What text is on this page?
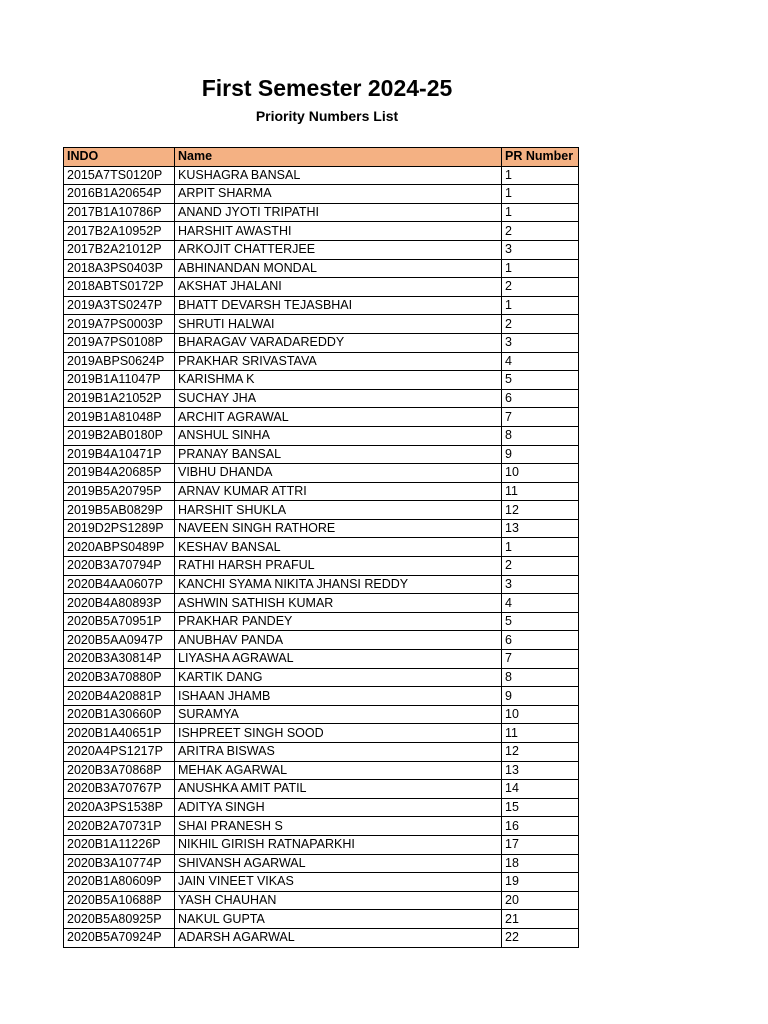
First Semester 2024-25
Priority Numbers List
INDO	Name	PR Number
2015A7TS0120P	KUSHAGRA BANSAL	1
2016B1A20654P	ARPIT SHARMA	1
2017B1A10786P	ANAND JYOTI TRIPATHI	1
2017B2A10952P	HARSHIT AWASTHI	2
2017B2A21012P	ARKOJIT CHATTERJEE	3
2018A3PS0403P	ABHINANDAN MONDAL	1
2018ABTS0172P	AKSHAT JHALANI	2
2019A3TS0247P	BHATT DEVARSH TEJASBHAI	1
2019A7PS0003P	SHRUTI HALWAI	2
2019A7PS0108P	BHARAGAV VARADAREDDY	3
2019ABPS0624P	PRAKHAR SRIVASTAVA	4
2019B1A11047P	KARISHMA K	5
2019B1A21052P	SUCHAY JHA	6
2019B1A81048P	ARCHIT AGRAWAL	7
2019B2AB0180P	ANSHUL SINHA	8
2019B4A10471P	PRANAY BANSAL	9
2019B4A20685P	VIBHU DHANDA	10
2019B5A20795P	ARNAV KUMAR ATTRI	11
2019B5AB0829P	HARSHIT SHUKLA	12
2019D2PS1289P	NAVEEN SINGH RATHORE	13
2020ABPS0489P	KESHAV BANSAL	1
2020B3A70794P	RATHI HARSH PRAFUL	2
2020B4AA0607P	KANCHI SYAMA NIKITA JHANSI REDDY	3
2020B4A80893P	ASHWIN SATHISH KUMAR	4
2020B5A70951P	PRAKHAR PANDEY	5
2020B5AA0947P	ANUBHAV PANDA	6
2020B3A30814P	LIYASHA AGRAWAL	7
2020B3A70880P	KARTIK DANG	8
2020B4A20881P	ISHAAN JHAMB	9
2020B1A30660P	SURAMYA	10
2020B1A40651P	ISHPREET SINGH SOOD	11
2020A4PS1217P	ARITRA BISWAS	12
2020B3A70868P	MEHAK AGARWAL	13
2020B3A70767P	ANUSHKA AMIT PATIL	14
2020A3PS1538P	ADITYA SINGH	15
2020B2A70731P	SHAI PRANESH S	16
2020B1A11226P	NIKHIL GIRISH RATNAPARKHI	17
2020B3A10774P	SHIVANSH AGARWAL	18
2020B1A80609P	JAIN VINEET VIKAS	19
2020B5A10688P	YASH CHAUHAN	20
2020B5A80925P	NAKUL GUPTA	21
2020B5A70924P	ADARSH AGARWAL	22
